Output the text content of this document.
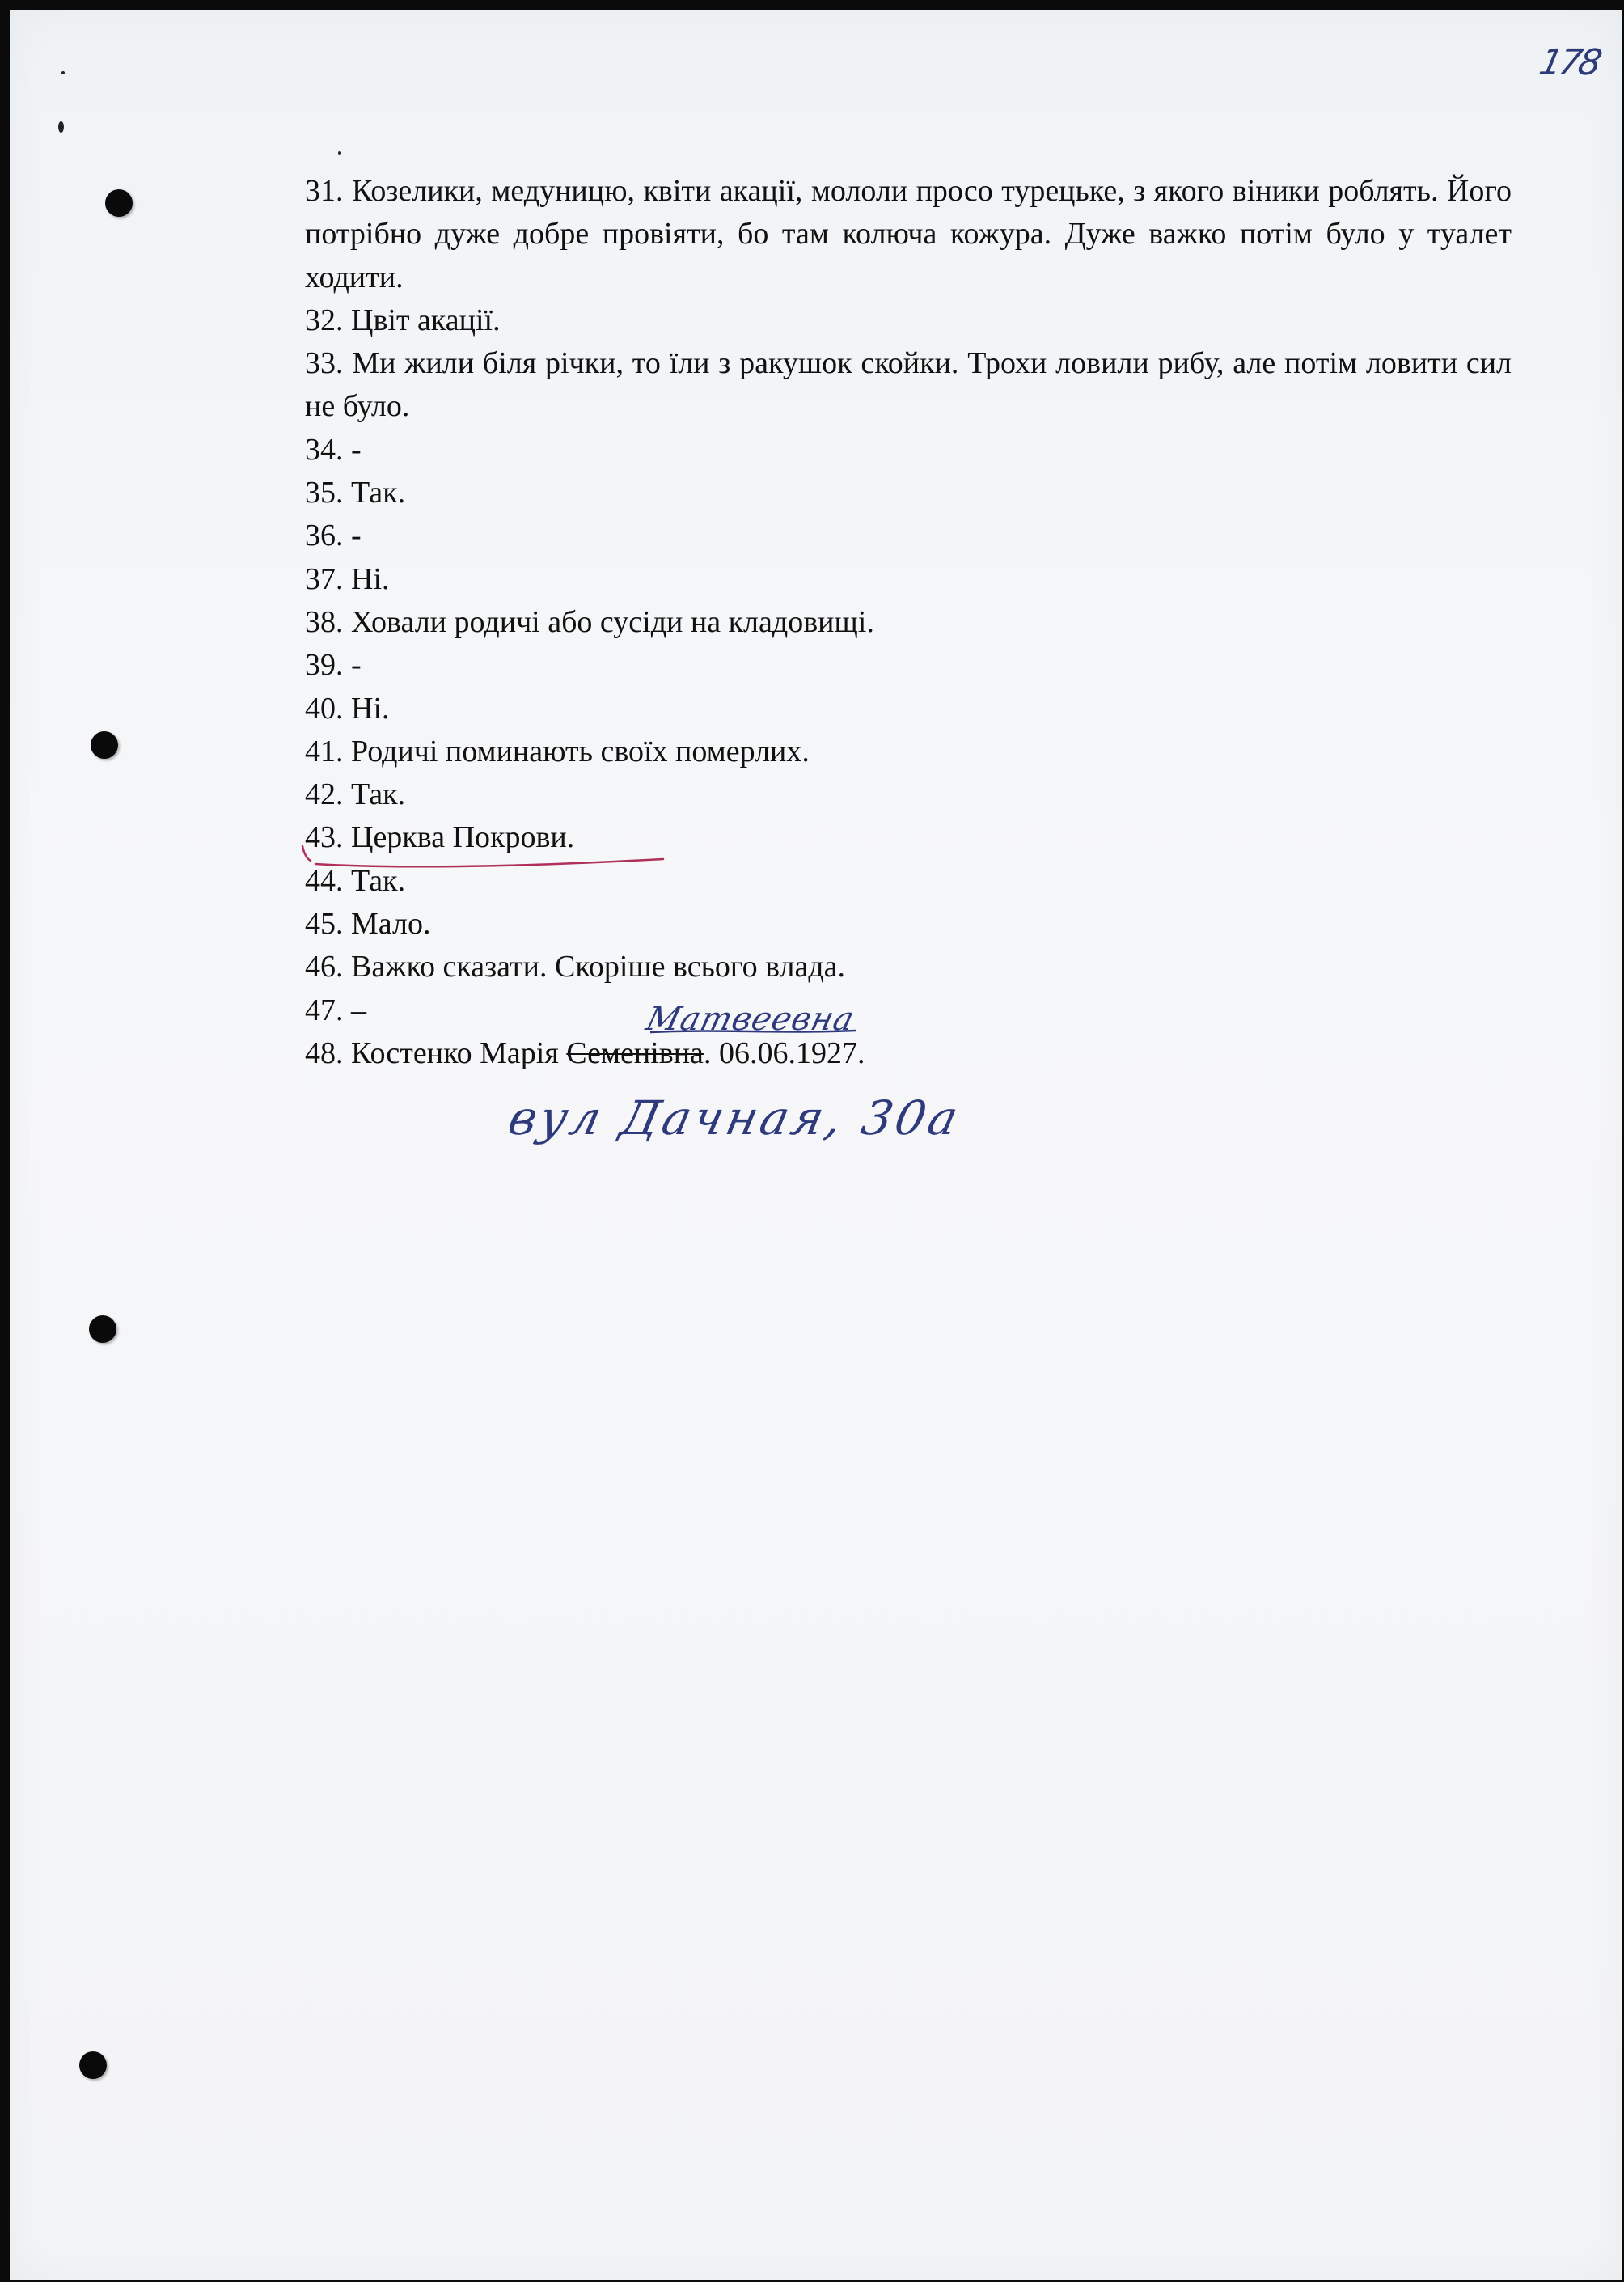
178
31. Козелики, медуницю, квіти акації, мололи просо турецьке, з якого віники роблять. Його потрібно дуже добре провіяти, бо там колюча кожура. Дуже важко потім було у туалет ходити.
32. Цвіт акації.
33. Ми жили біля річки, то їли з ракушок скойки. Трохи ловили рибу, але потім ловити сил не було.
34. -
35. Так.
36. -
37. Ні.
38. Ховали родичі або сусіди на кладовищі.
39. -
40. Ні.
41. Родичі поминають своїх померлих.
42. Так.
43. Церква Покрови.
44. Так.
45. Мало.
46. Важко сказати. Скоріше всього влада.
47. –
48. Костенко Марія Семенівна. 06.06.1927.
Матвеевна
вул Дачная, 30а
